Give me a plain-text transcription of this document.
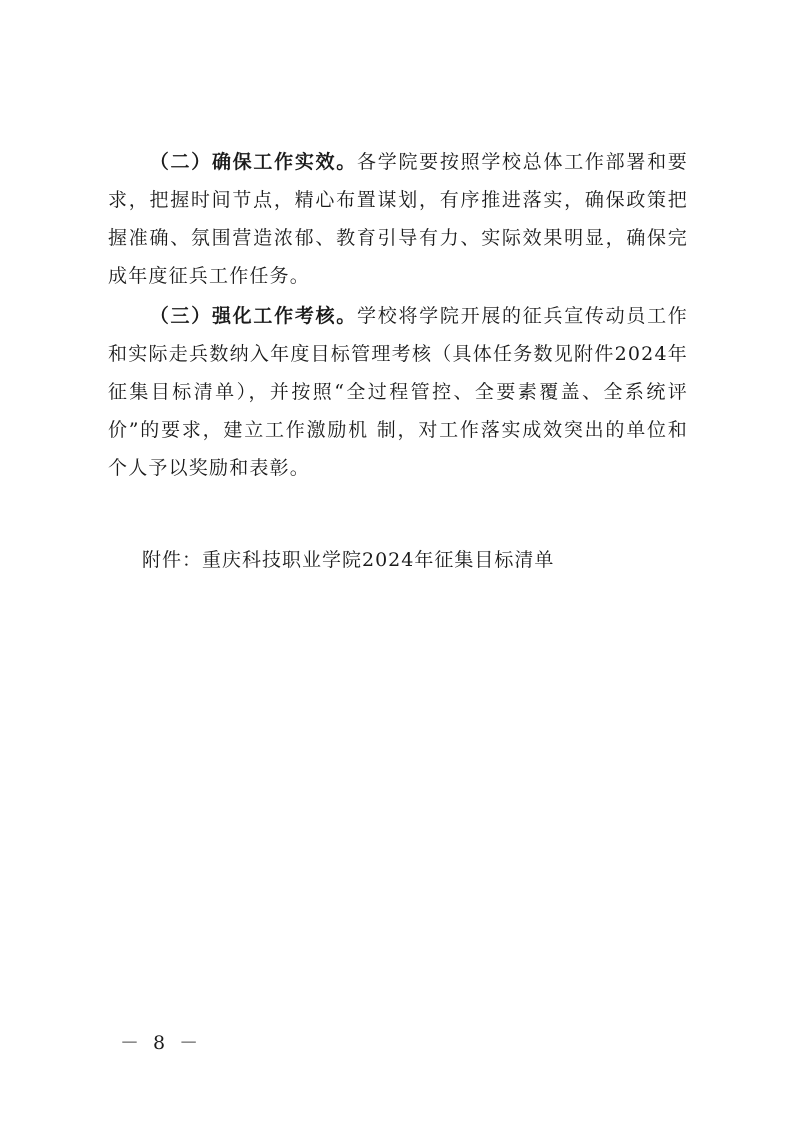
（二）确保工作实效。各学院要按照学校总体工作部署和要求，把握时间节点，精心布置谋划，有序推进落实，确保政策把握准确、氛围营造浓郁、教育引导有力、实际效果明显，确保完成年度征兵工作任务。

（三）强化工作考核。学校将学院开展的征兵宣传动员工作和实际走兵数纳入年度目标管理考核（具体任务数见附件2024年征集目标清单），并按照“全过程管控、全要素覆盖、全系统评价”的要求，建立工作激励机 制，对工作落实成效突出的单位和个人予以奖励和表彰。

附件：重庆科技职业学院2024年征集目标清单

－ 8 －
